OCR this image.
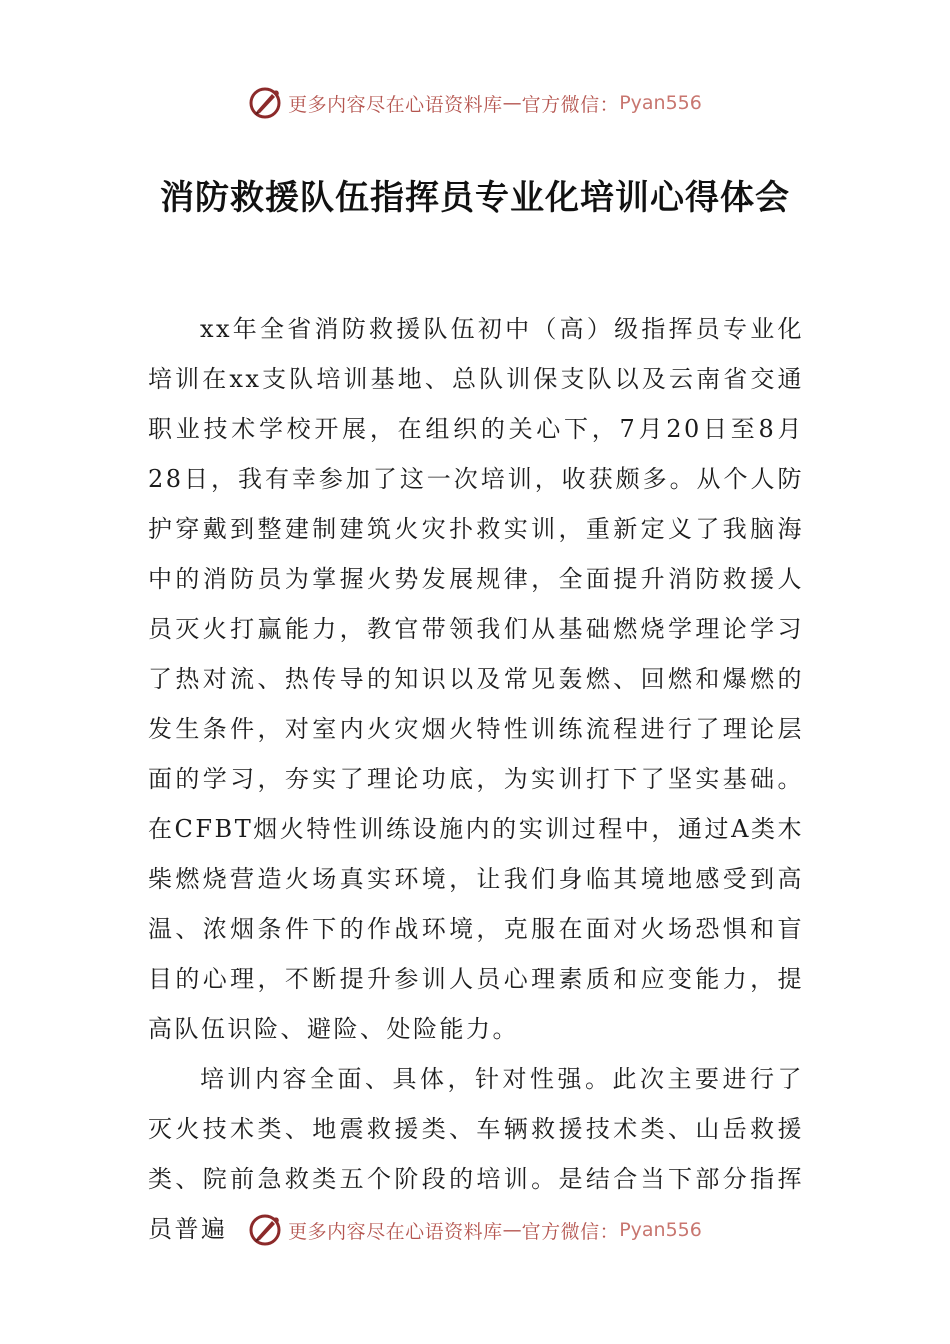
更多内容尽在心语资料库 — 官方微信： Pyan556
消防救援队伍指挥员专业化培训心得体会

xx年全省消防救援队伍初中（高）级指挥员专业化培训在xx支队培训基地、总队训保支队以及云南省交通职业技术学校开展，在组织的关心下，7月20日至8月28日，我有幸参加了这一次培训，收获颇多。从个人防护穿戴到整建制建筑火灾扑救实训，重新定义了我脑海中的消防员为掌握火势发展规律，全面提升消防救援人员灭火打赢能力，教官带领我们从基础燃烧学理论学习了热对流、热传导的知识以及常见轰燃、回燃和爆燃的发生条件，对室内火灾烟火特性训练流程进行了理论层面的学习，夯实了理论功底，为实训打下了坚实基础。在CFBT烟火特性训练设施内的实训过程中，通过A类木柴燃烧营造火场真实环境，让我们身临其境地感受到高温、浓烟条件下的作战环境，克服在面对火场恐惧和盲目的心理，不断提升参训人员心理素质和应变能力，提高队伍识险、避险、处险能力。

培训内容全面、具体，针对性强。此次主要进行了灭火技术类、地震救援类、车辆救援技术类、山岳救援类、院前急救类五个阶段的培训。是结合当下部分指挥员普遍	更多内容尽在心语资料库 — 官方微信： Pyan556
